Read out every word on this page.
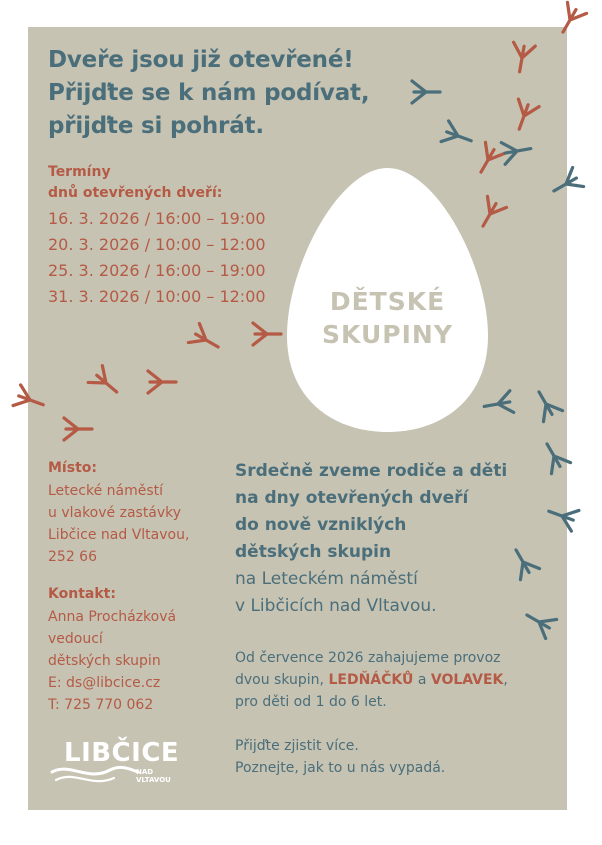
DĚTSKÉ
SKUPINY
Dveře jsou již otevřené!
Přijďte se k nám podívat,
přijďte si pohrát.
Termíny
dnů otevřených dveří:
16. 3. 2026 / 16:00 – 19:00
20. 3. 2026 / 10:00 – 12:00
25. 3. 2026 / 16:00 – 19:00
31. 3. 2026 / 10:00 – 12:00
Místo:
Letecké náměstí
u vlakové zastávky
Libčice nad Vltavou,
252 66
Kontakt:
Anna Procházková
vedoucí
dětských skupin
E: ds@libcice.cz
T: 725 770 062
Srdečně zveme rodiče a děti
na dny otevřených dveří
do nově vzniklých
dětských skupin
na Leteckém náměstí
v Libčicích nad Vltavou.
Od července 2026 zahajujeme provoz
dvou skupin, LEDŇÁČKŮ a VOLAVEK,
pro děti od 1 do 6 let.
Přijďte zjistit více.
Poznejte, jak to u nás vypadá.
LIBČICE
NAD VLTAVOU
